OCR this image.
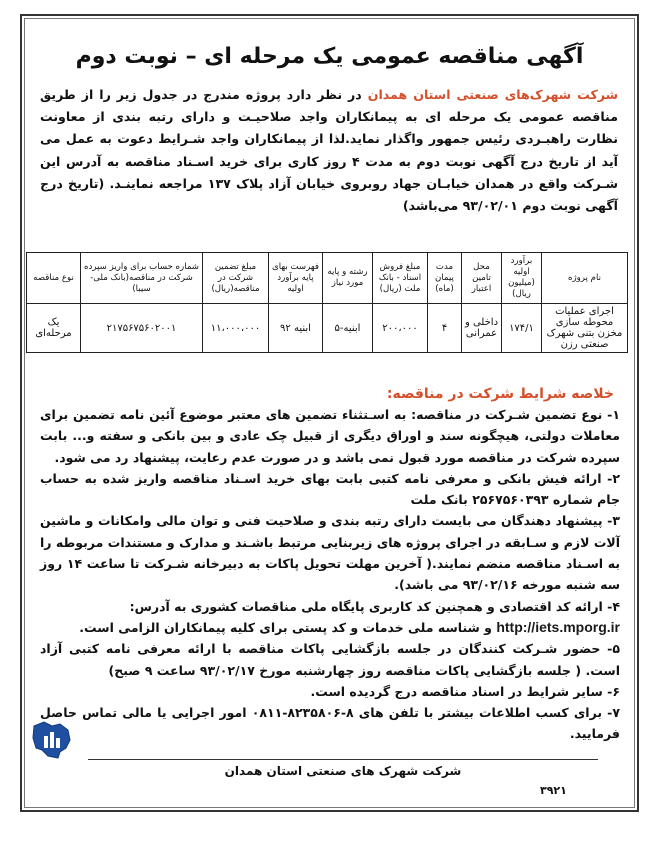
آگهی مناقصه عمومی یک مرحله ای – نوبت دوم
شرکت شهرک‌های صنعتی استان همدان در نظر دارد پروژه مندرج در جدول زیر را از طریق مناقصه عمومی یک مرحله ای به پیمانکاران واجد صلاحیـت و دارای رتبه بندی از معاونت نظارت راهبـردی رئیس جمهور واگذار نماید.لذا از پیمانکاران واجد شـرایط دعوت به عمل می آید از تاریخ درج آگهی نوبت دوم به مدت ۴ روز کاری برای خرید اسـناد مناقصه به آدرس این شـرکت واقع در همدان خیابـان جهاد روبروی خیابان آزاد پلاک ۱۳۷ مراجعه نماینـد. (تاریخ درج آگهی نوبت دوم ۹۳/۰۲/۰۱ می‌باشد)
نام پروژه	برآورد اولیه (میلیون ریال)	محل تامین اعتبار	مدت پیمان (ماه)	مبلغ فروش اسناد - بانک ملت (ریال)	رشته و پایه مورد نیاز	فهرست بهای پایه برآورد اولیه	مبلغ تضمین شرکت در مناقصه(ریال)	شماره حساب برای واریز سپرده شرکت در مناقصه(بانک ملی- سیبا)	نوع مناقصه
اجرای عملیات محوطه سازی مخزن بتنی شهرک صنعتی رزن	۱۷۴/۱	داخلی و عمرانی	۴	۲۰۰،۰۰۰	ابنیه-۵	ابنیه ۹۲	۱۱،۰۰۰،۰۰۰	۲۱۷۵۶۷۵۶۰۲۰۰۱	یک مرحله‌ای
خلاصه شرایط شرکت در مناقصه:

۱- نوع تضمین شـرکت در مناقصه: به اسـتثناء تضمین های معتبر موضوع آئین نامه تضمین برای معاملات دولتی، هیچگونه سند و اوراق دیگری از قبیل چک عادی و بین بانکی و سفته و... بابت سپرده شرکت در مناقصه مورد قبول نمی باشد و در صورت عدم رعایت، پیشنهاد رد می شود.

۲- ارائه فیش بانکی و معرفی نامه کتبی بابت بهای خرید اسـناد مناقصه واریز شده به حساب جام شماره ۲۵۶۷۵۶۰۳۹۳ بانک ملت

۳- پیشنهاد دهندگان می بایست دارای رتبه بندی و صلاحیت فنی و توان مالی وامکانات و ماشین آلات لازم و سـابقه در اجرای پروژه های زیربنایی مرتبط باشـند و مدارک و مستندات مربوطه را به اسـناد مناقصه منضم نمایند.( آخرین مهلت تحویل پاکات به دبیرخانه شـرکت تا ساعت ۱۴ روز سه شنبه مورخه ۹۳/۰۲/۱۶ می باشد).

۴- ارائه کد اقتصادی و همچنین کد کاربری پایگاه ملی مناقصات کشوری به آدرس:

http://iets.mporg.ir و شناسه ملی خدمات و کد پستی برای کلیه پیمانکاران الزامی است.

۵- حضور شـرکت کنندگان در جلسه بازگشایی پاکات مناقصه با ارائه معرفی نامه کتبی آزاد است. ( جلسه بازگشایی پاکات مناقصه روز چهارشنبه مورخ ۹۳/۰۲/۱۷ ساعت ۹ صبح)

۶- سایر شرایط در اسناد مناقصه درج گردیده است.

۷- برای کسب اطلاعات بیشتر با تلفن های ۸-۸۲۳۵۸۰۶-۰۸۱۱ امور اجرایی یا مالی تماس حاصل فرمایید.

شرکت شهرک های صنعتی استان همدان
۳۹۲۱
